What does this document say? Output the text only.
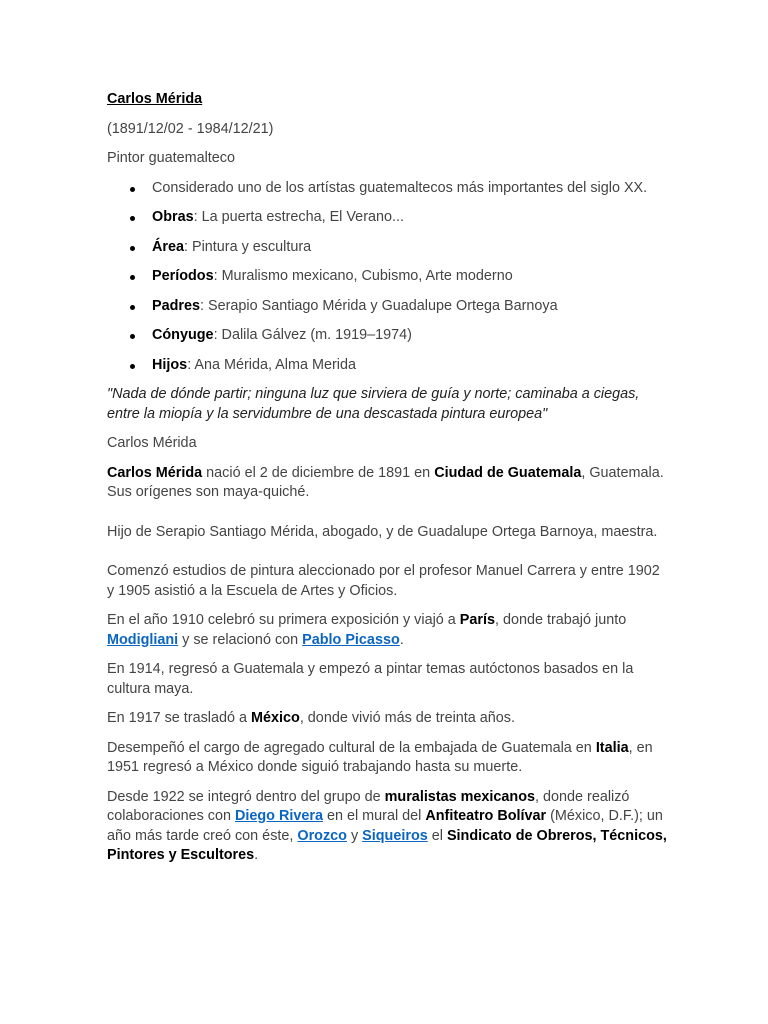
Carlos Mérida

(1891/12/02 - 1984/12/21)

Pintor guatemalteco

Considerado uno de los artístas guatemaltecos más importantes del siglo XX.
Obras: La puerta estrecha, El Verano...
Área: Pintura y escultura
Períodos: Muralismo mexicano, Cubismo, Arte moderno
Padres: Serapio Santiago Mérida y Guadalupe Ortega Barnoya
Cónyuge: Dalila Gálvez (m. 1919–1974)
Hijos: Ana Mérida, Alma Merida

"Nada de dónde partir; ninguna luz que sirviera de guía y norte; caminaba a ciegas, entre la miopía y la servidumbre de una descastada pintura europea"

Carlos Mérida

Carlos Mérida nació el 2 de diciembre de 1891 en Ciudad de Guatemala, Guatemala. Sus orígenes son maya-quiché.

Hijo de Serapio Santiago Mérida, abogado, y de Guadalupe Ortega Barnoya, maestra.

Comenzó estudios de pintura aleccionado por el profesor Manuel Carrera y entre 1902 y 1905 asistió a la Escuela de Artes y Oficios.

En el año 1910 celebró su primera exposición y viajó a París, donde trabajó junto Modigliani y se relacionó con Pablo Picasso.

En 1914, regresó a Guatemala y empezó a pintar temas autóctonos basados en la cultura maya.

En 1917 se trasladó a México, donde vivió más de treinta años.

Desempeñó el cargo de agregado cultural de la embajada de Guatemala en Italia, en 1951 regresó a México donde siguió trabajando hasta su muerte.

Desde 1922 se integró dentro del grupo de muralistas mexicanos, donde realizó colaboraciones con Diego Rivera en el mural del Anfiteatro Bolívar (México, D.F.); un año más tarde creó con éste, Orozco y Siqueiros el Sindicato de Obreros, Técnicos, Pintores y Escultores.
